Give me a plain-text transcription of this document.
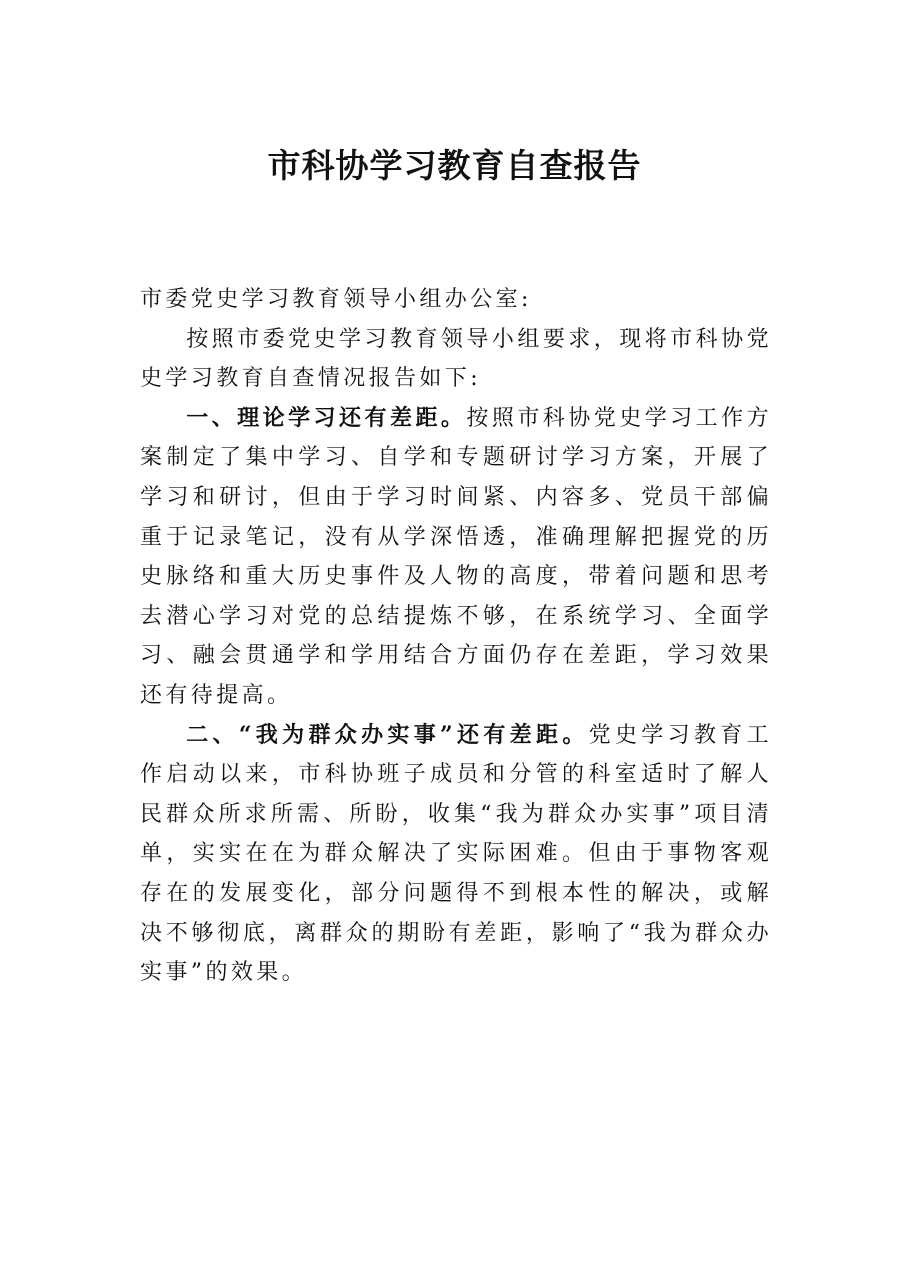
市科协学习教育自查报告

市委党史学习教育领导小组办公室:

按照市委党史学习教育领导小组要求，现将市科协党史学习教育自查情况报告如下:

一、理论学习还有差距。按照市科协党史学习工作方案制定了集中学习、自学和专题研讨学习方案，开展了学习和研讨，但由于学习时间紧、内容多、党员干部偏重于记录笔记，没有从学深悟透，准确理解把握党的历史脉络和重大历史事件及人物的高度，带着问题和思考去潜心学习对党的总结提炼不够，在系统学习、全面学习、融会贯通学和学用结合方面仍存在差距，学习效果还有待提高。

二、“我为群众办实事”还有差距。党史学习教育工作启动以来，市科协班子成员和分管的科室适时了解人民群众所求所需、所盼，收集“我为群众办实事”项目清单，实实在在为群众解决了实际困难。但由于事物客观存在的发展变化，部分问题得不到根本性的解决，或解决不够彻底，离群众的期盼有差距，影响了“我为群众办实事”的效果。
